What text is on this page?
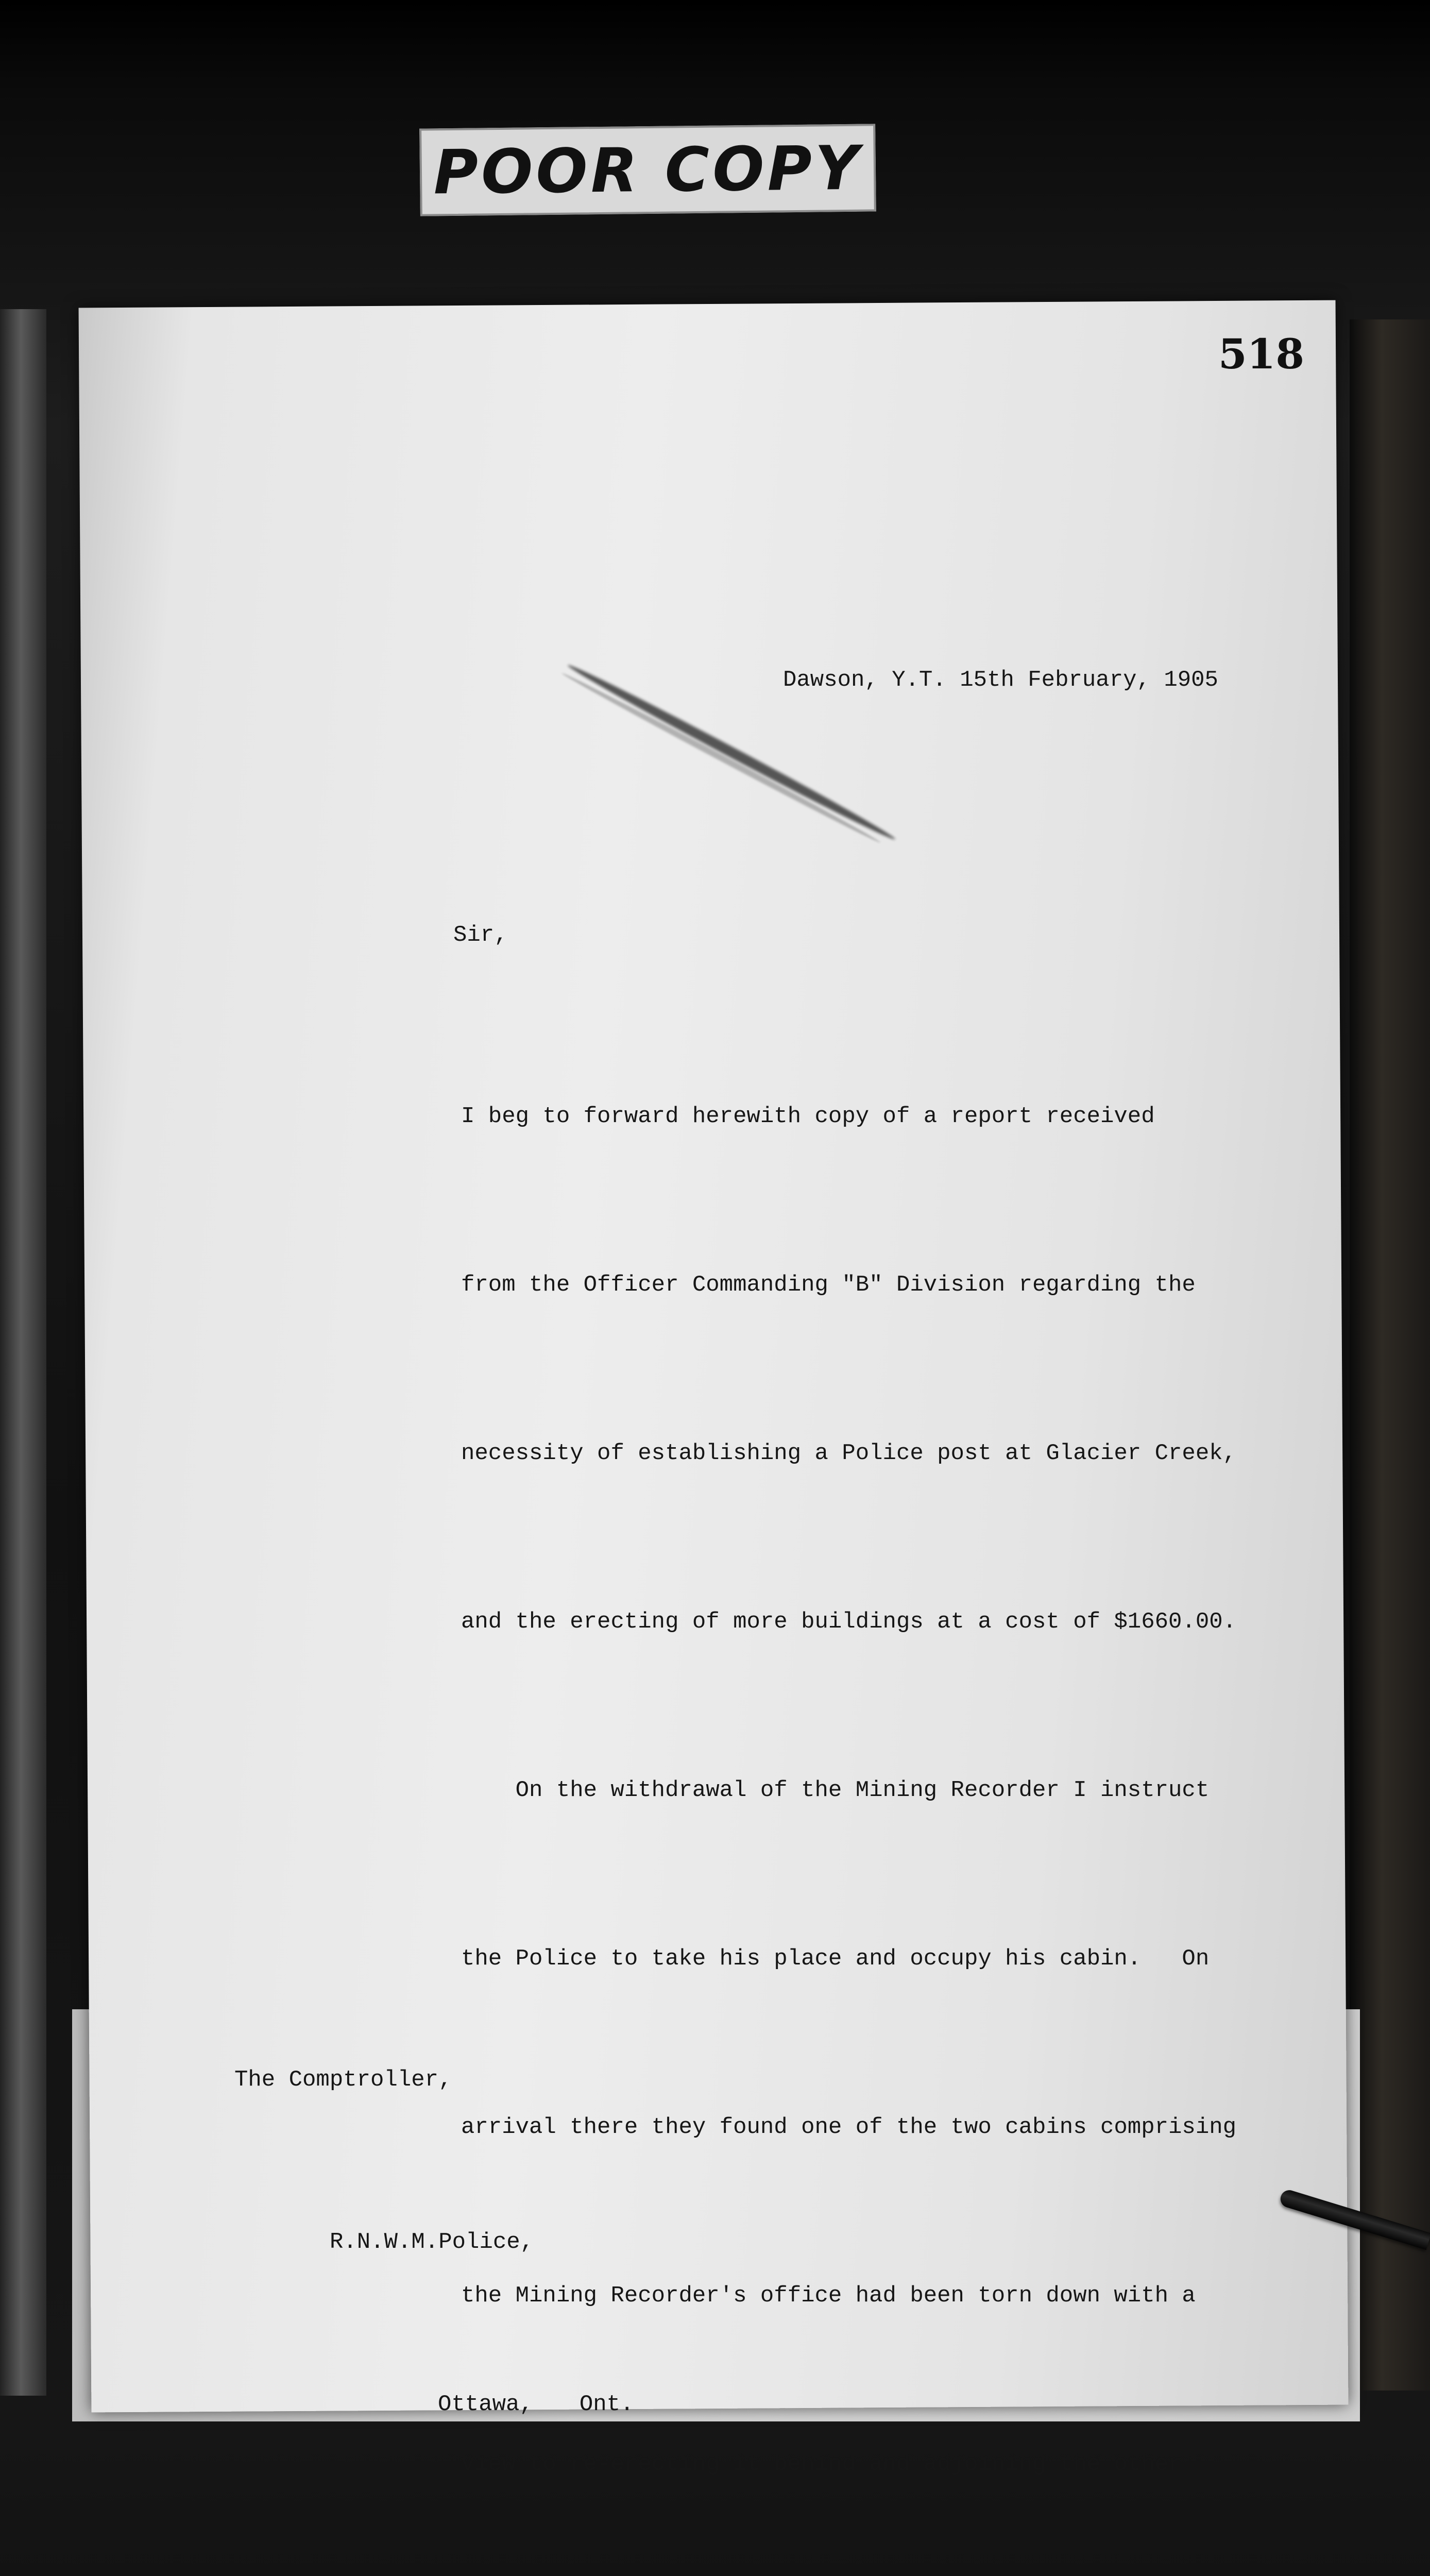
POOR COPY
518
Dawson, Y.T. 15th February, 1905
Sir,

I beg to forward herewith copy of a report received

from the Officer Commanding "B" Division regarding the

necessity of establishing a Police post at Glacier Creek,

and the erecting of more buildings at a cost of $1660.00.

On the withdrawal of the Mining Recorder I instruct

the Police to take his place and occupy his cabin.   On

arrival there they found one of the two cabins comprising

the Mining Recorder's office had been torn down with a

view to re-erecting it behind and adjoining the other

The Comptroller,

R.N.W.M.Police,

Ottawa, Ont.
